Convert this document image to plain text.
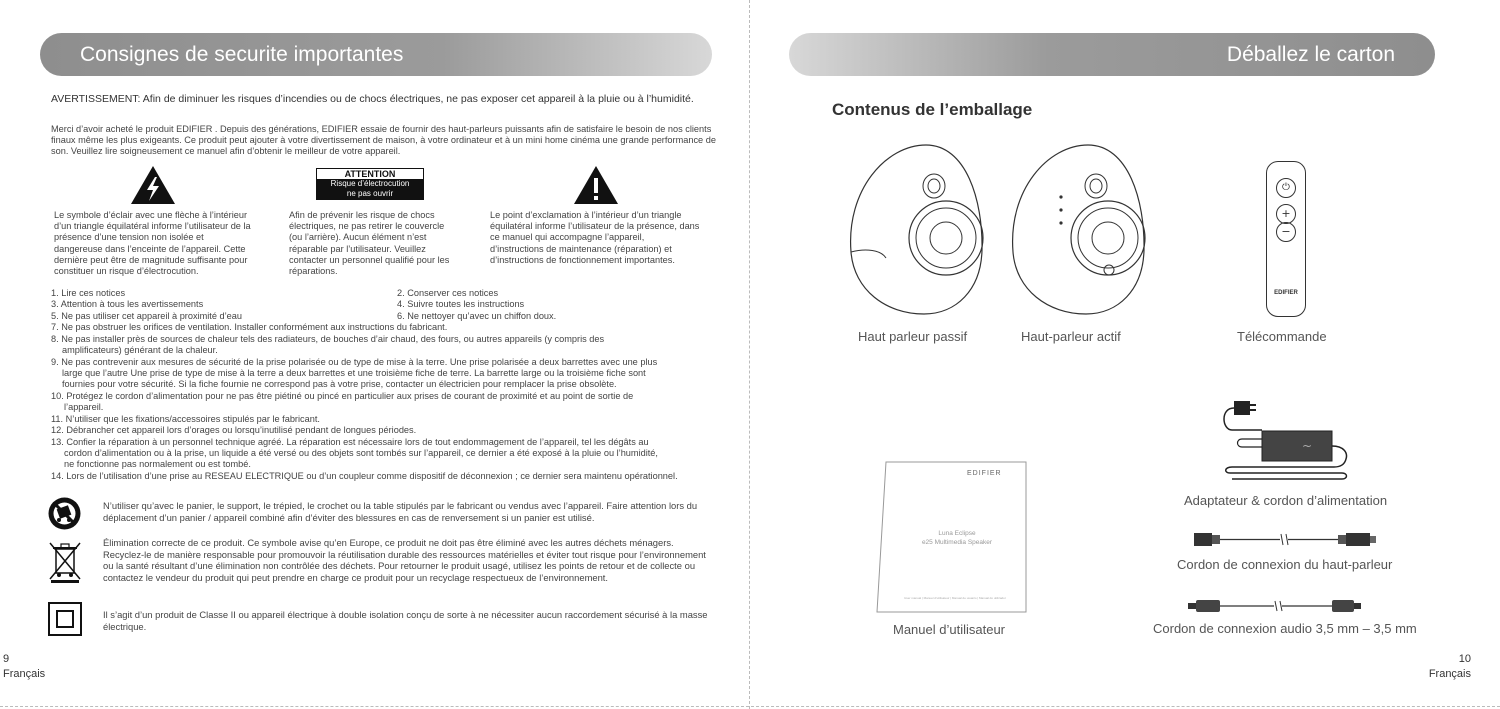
Consignes de securite importantes
AVERTISSEMENT: Afin de diminuer les risques d’incendies ou de chocs électriques, ne pas exposer cet appareil à la pluie ou à l’humidité.
Merci d’avoir acheté le produit EDIFIER . Depuis des générations, EDIFIER essaie de fournir des haut-parleurs puissants afin de satisfaire le besoin de nos clients finaux même les plus exigeants. Ce produit peut ajouter à votre divertissement de maison, à votre ordinateur et à un mini home cinéma une grande performance de son. Veuillez lire soigneusement ce manuel afin d’obtenir le meilleur de votre appareil.
ATTENTION
Risque d’électrocution
ne pas ouvrir
Le symbole d’éclair avec une flèche à l’intérieur d’un triangle équilatéral informe l’utilisateur de la présence d’une tension non isolée et dangereuse dans l’enceinte de l’appareil. Cette dernière peut être de magnitude suffisante pour constituer un risque d’électrocution.
Afin de prévenir les risque de chocs électriques, ne pas retirer le couvercle (ou l’arrière). Aucun élément n’est réparable par l’utilisateur. Veuillez contacter un personnel qualifié pour les réparations.
Le point d’exclamation à l’intérieur d’un triangle équilatéral informe l’utilisateur de la présence, dans ce manuel qui accompagne l’appareil, d’instructions de maintenance (réparation) et d’instructions de fonctionnement importantes.
1. Lire ces notices	2. Conserver ces notices
3. Attention à tous les avertissements	4. Suivre toutes les instructions
5. Ne pas utiliser cet appareil à proximité d’eau	6. Ne nettoyer qu’avec un chiffon doux.
7. Ne pas obstruer les orifices de ventilation. Installer conformément aux instructions du fabricant.
8. Ne pas installer près de sources de chaleur tels des radiateurs, de bouches d’air chaud, des fours, ou autres appareils (y compris des
amplificateurs) générant de la chaleur.
9. Ne pas contrevenir aux mesures de sécurité de la prise polarisée ou de type de mise à la terre. Une prise polarisée a deux barrettes avec une plus
large que l’autre Une prise de type de mise à la terre a deux barrettes et une troisième fiche de terre. La barrette large ou la troisième fiche sont
fournies pour votre sécurité. Si la fiche fournie ne correspond pas à votre prise, contacter un électricien pour remplacer la prise obsolète.
10. Protégez le cordon d’alimentation pour ne pas être piétiné ou pincé en particulier aux prises de courant de proximité et au point de sortie de
l’appareil.
11. N’utiliser que les fixations/accessoires stipulés par le fabricant.
12. Débrancher cet appareil lors d’orages ou lorsqu’inutilisé pendant de longues périodes.
13. Confier la réparation à un personnel technique agréé. La réparation est nécessaire lors de tout endommagement de l’appareil, tel les dégâts au
cordon d’alimentation ou à la prise, un liquide a été versé ou des objets sont tombés sur l’appareil, ce dernier a été exposé à la pluie ou l’humidité,
ne fonctionne pas normalement ou est tombé.
14. Lors de l’utilisation d’une prise au RESEAU ELECTRIQUE ou d’un coupleur comme dispositif de déconnexion ; ce dernier sera maintenu opérationnel.
N’utiliser qu’avec le panier, le support, le trépied, le crochet ou la table stipulés par le fabricant ou vendus avec l’appareil. Faire attention lors du déplacement d’un panier / appareil combiné afin d’éviter des blessures en cas de renversement si un panier est utilisé.
Élimination correcte de ce produit. Ce symbole avise qu’en Europe, ce produit ne doit pas être éliminé avec les autres déchets ménagers. Recyclez-le de manière responsable pour promouvoir la réutilisation durable des ressources matérielles et éviter tout risque pour l’environnement ou la santé résultant d’une élimination non contrôlée des déchets. Pour retourner le produit usagé, utilisez les points de retour et de collecte ou contactez le vendeur du produit qui peut prendre en charge ce produit pour un recyclage respectueux de l’environnement.
Il s’agit d’un produit de Classe II ou appareil électrique à double isolation conçu de sorte à ne nécessiter aucun raccordement sécurisé à la masse électrique.
9
Français
Déballez le carton
Contenus de l’emballage
⏻
+
−
EDIFIER
Haut parleur passif	Haut-parleur actif	Télécommande
~
Adaptateur & cordon d’alimentation
Cordon de connexion du haut-parleur
Cordon de connexion audio 3,5 mm – 3,5 mm
EDIFIER
Luna Eclipse
e25 Multimedia Speaker
User manual | Manuel d’utilisateur | Manual de usuario | Manual do utilizador
Manuel d’utilisateur
10
Français
